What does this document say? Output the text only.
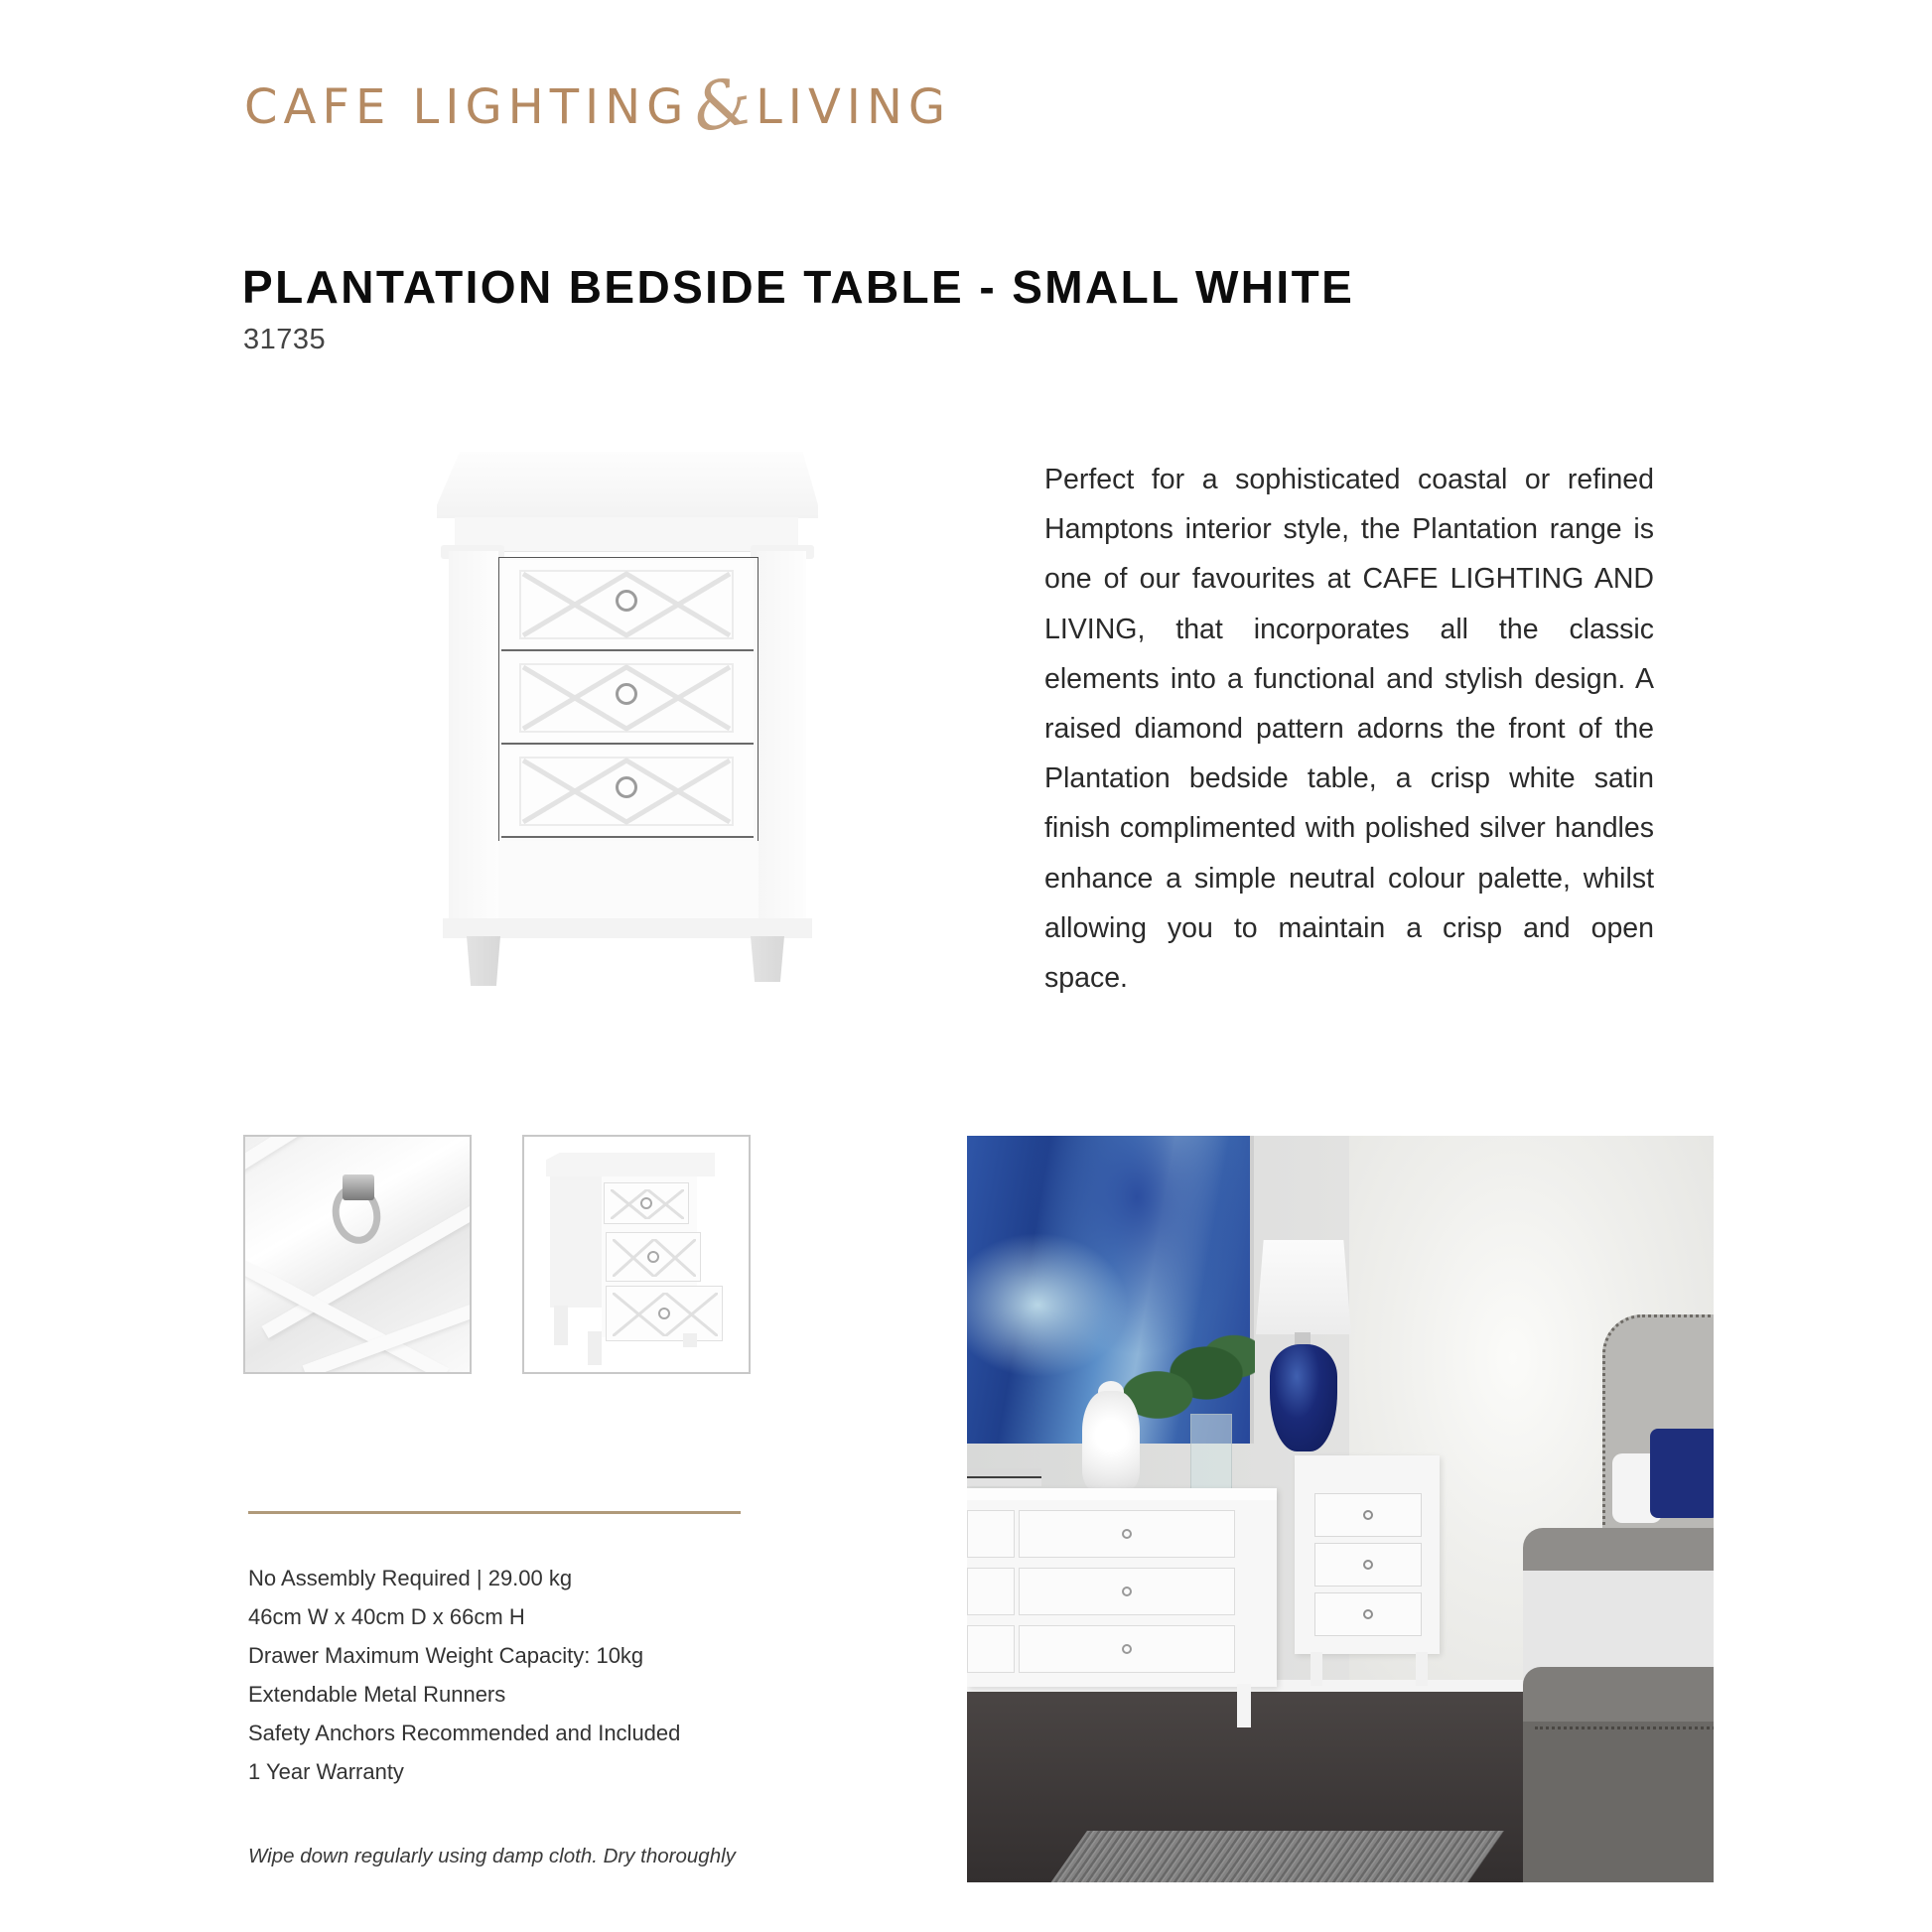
CAFE LIGHTING
&
LIVING
PLANTATION BEDSIDE TABLE - SMALL WHITE
31735

Perfect for a sophisticated coastal or refined Hamptons interior style, the Plantation range is one of our favourites at CAFE LIGHTING AND LIVING, that incorporates all the classic elements into a functional and stylish design. A raised diamond pattern adorns the front of the Plantation bedside table, a crisp white satin finish complimented with polished silver handles enhance a simple neutral colour palette, whilst allowing you to maintain a crisp and open space.

No Assembly Required | 29.00 kg
46cm W x 40cm D x 66cm H
Drawer Maximum Weight Capacity: 10kg
Extendable Metal Runners
Safety Anchors Recommended and Included
1 Year Warranty
Wipe down regularly using damp cloth. Dry thoroughly
